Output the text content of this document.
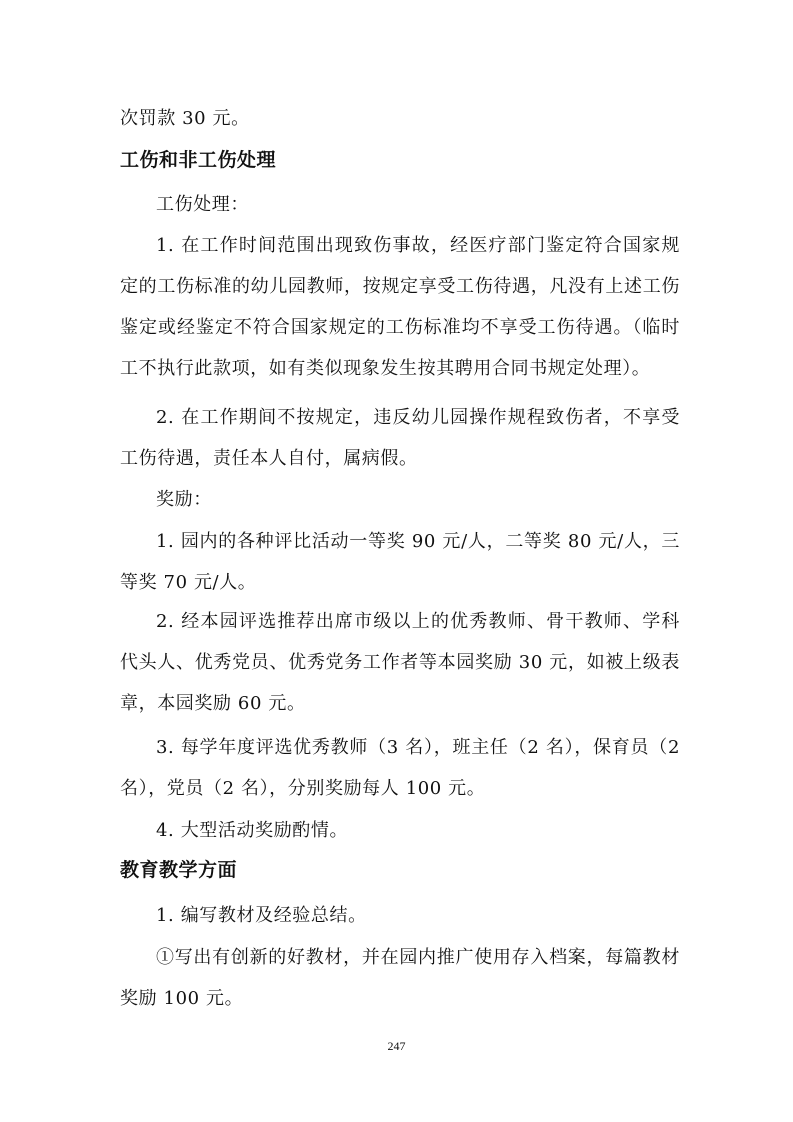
次罚款 30 元。

工伤和非工伤处理

工伤处理：

1. 在工作时间范围出现致伤事故，经医疗部门鉴定符合国家规定的工伤标准的幼儿园教师，按规定享受工伤待遇，凡没有上述工伤鉴定或经鉴定不符合国家规定的工伤标准均不享受工伤待遇。（临时工不执行此款项，如有类似现象发生按其聘用合同书规定处理）。

2. 在工作期间不按规定，违反幼儿园操作规程致伤者，不享受工伤待遇，责任本人自付，属病假。

奖励：

1. 园内的各种评比活动一等奖 90 元/人，二等奖 80 元/人，三等奖 70 元/人。

2. 经本园评选推荐出席市级以上的优秀教师、骨干教师、学科代头人、优秀党员、优秀党务工作者等本园奖励 30 元，如被上级表章，本园奖励 60 元。

3. 每学年度评选优秀教师（3 名），班主任（2 名），保育员（2 名），党员（2 名），分别奖励每人 100 元。

4. 大型活动奖励酌情。

教育教学方面

1. 编写教材及经验总结。

①写出有创新的好教材，并在园内推广使用存入档案，每篇教材奖励 100 元。

247
